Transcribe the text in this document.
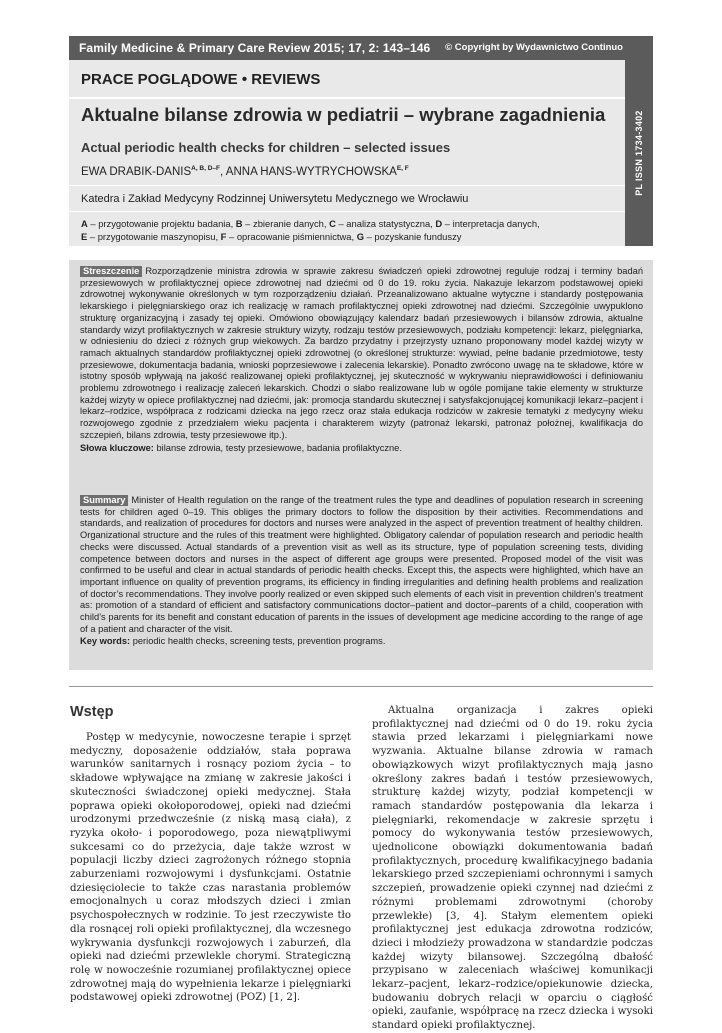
Family Medicine & Primary Care Review 2015; 17, 2: 143–146 © Copyright by Wydawnictwo Continuo
PL ISSN 1734-3402
PRACE POGLĄDOWE • REVIEWS
Aktualne bilanse zdrowia w pediatrii – wybrane zagadnienia
Actual periodic health checks for children – selected issues
EWA DRABIK-$DANIS^{A, B, D-F}$, ANNA HANS-$WYTRYCHOWSKA^{E, F}$
Katedra i Zakład Medycyny Rodzinnej Uniwersytetu Medycznego we Wrocławiu
A – przygotowanie projektu badania, B – zbieranie danych, C – analiza statystyczna, D – interpretacja danych,
E – przygotowanie maszynopisu, F – opracowanie piśmiennictwa, G – pozyskanie funduszy
Streszczenie Rozporządzenie ministra zdrowia w sprawie zakresu świadczeń opieki zdrowotnej reguluje rodzaj i terminy badań przesiewowych w profilaktycznej opiece zdrowotnej nad dziećmi od 0 do 19. roku życia. Nakazuje lekarzom podstawowej opieki zdrowotnej wykonywanie określonych w tym rozporządzeniu działań. Przeanalizowano aktualne wytyczne i standardy postępowania lekarskiego i pielęgniarskiego oraz ich realizację w ramach profilaktycznej opieki zdrowotnej nad dziećmi. Szczególnie uwypuklono strukturę organizacyjną i zasady tej opieki. Omówiono obowiązujący kalendarz badań przesiewowych i bilansów zdrowia, aktualne standardy wizyt profilaktycznych w zakresie struktury wizyty, rodzaju testów przesiewowych, podziału kompetencji: lekarz, pielęgniarka, w odniesieniu do dzieci z różnych grup wiekowych. Za bardzo przydatny i przejrzysty uznano proponowany model każdej wizyty w ramach aktualnych standardów profilaktycznej opieki zdrowotnej (o określonej strukturze: wywiad, pełne badanie przedmiotowe, testy przesiewowe, dokumentacja badania, wnioski poprzesiewowe i zalecenia lekarskie). Ponadto zwrócono uwagę na te składowe, które w istotny sposób wpływają na jakość realizowanej opieki profilaktycznej, jej skuteczność w wykrywaniu nieprawidłowości i definiowaniu problemu zdrowotnego i realizację zaleceń lekarskich. Chodzi o słabo realizowane lub w ogóle pomijane takie elementy w strukturze każdej wizyty w opiece profilaktycznej nad dziećmi, jak: promocja standardu skutecznej i satysfakcjonującej komunikacji lekarz–pacjent i lekarz–rodzice, współpraca z rodzicami dziecka na jego rzecz oraz stała edukacja rodziców w zakresie tematyki z medycyny wieku rozwojowego zgodnie z przedziałem wieku pacjenta i charakterem wizyty (patronaż lekarski, patronaż położnej, kwalifikacja do szczepień, bilans zdrowia, testy przesiewowe itp.).
Słowa kluczowe: bilanse zdrowia, testy przesiewowe, badania profilaktyczne.
Summary Minister of Health regulation on the range of the treatment rules the type and deadlines of population research in screening tests for children aged 0–19. This obliges the primary doctors to follow the disposition by their activities. Recommendations and standards, and realization of procedures for doctors and nurses were analyzed in the aspect of prevention treatment of healthy children. Organizational structure and the rules of this treatment were highlighted. Obligatory calendar of population research and periodic health checks were discussed. Actual standards of a prevention visit as well as its structure, type of population screening tests, dividing competence between doctors and nurses in the aspect of different age groups were presented. Proposed model of the visit was confirmed to be useful and clear in actual standards of periodic health checks. Except this, the aspects were highlighted, which have an important influence on quality of prevention programs, its efficiency in finding irregularities and defining health problems and realization of doctor’s recommendations. They involve poorly realized or even skipped such elements of each visit in prevention children’s treatment as: promotion of a standard of efficient and satisfactory communications doctor–patient and doctor–parents of a child, cooperation with child’s parents for its benefit and constant education of parents in the issues of development age medicine according to the range of age of a patient and character of the visit.
Key words: periodic health checks, screening tests, prevention programs.
Wstęp
Postęp w medycynie, nowoczesne terapie i sprzęt medyczny, doposażenie oddziałów, stała poprawa warunków sanitarnych i rosnący poziom życia – to składowe wpływające na zmianę w zakresie jakości i skuteczności świadczonej opieki medycznej. Stała poprawa opieki okołoporodowej, opieki nad dziećmi urodzonymi przedwcześnie (z niską masą ciała), z ryzyka około- i poporodowego, poza niewątpliwymi sukcesami co do przeżycia, daje także wzrost w populacji liczby dzieci zagrożonych różnego stopnia zaburzeniami rozwojowymi i dysfunkcjami. Ostatnie dziesięciolecie to także czas narastania problemów emocjonalnych u coraz młodszych dzieci i zmian psychospołecznych w rodzinie. To jest rzeczywiste tło dla rosnącej roli opieki profilaktycznej, dla wczesnego wykrywania dysfunkcji rozwojowych i zaburzeń, dla opieki nad dziećmi przewlekle chorymi. Strategiczną rolę w nowocześnie rozumianej profilaktycznej opiece zdrowotnej mają do wypełnienia lekarze i pielęgniarki podstawowej opieki zdrowotnej (POZ) [1, 2].
Aktualna organizacja i zakres opieki profilaktycznej nad dziećmi od 0 do 19. roku życia stawia przed lekarzami i pielęgniarkami nowe wyzwania. Aktualne bilanse zdrowia w ramach obowiązkowych wizyt profilaktycznych mają jasno określony zakres badań i testów przesiewowych, strukturę każdej wizyty, podział kompetencji w ramach standardów postępowania dla lekarza i pielęgniarki, rekomendacje w zakresie sprzętu i pomocy do wykonywania testów przesiewowych, ujednolicone obowiązki dokumentowania badań profilaktycznych, procedurę kwalifikacyjnego badania lekarskiego przed szczepieniami ochronnymi i samych szczepień, prowadzenie opieki czynnej nad dziećmi z różnymi problemami zdrowotnymi (choroby przewlekłe) [3, 4]. Stałym elementem opieki profilaktycznej jest edukacja zdrowotna rodziców, dzieci i młodzieży prowadzona w standardzie podczas każdej wizyty bilansowej. Szczególną dbałość przypisano w zaleceniach właściwej komunikacji lekarz–pacjent, lekarz–rodzice/opiekunowie dziecka, budowaniu dobrych relacji w oparciu o ciągłość opieki, zaufanie, współpracę na rzecz dziecka i wysoki standard opieki profilaktycznej.
